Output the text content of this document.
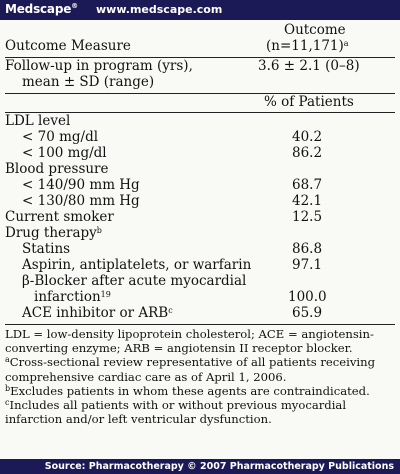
Medscape® www.medscape.com
Outcome
Outcome Measure	(n=11,171)$^a$
Follow-up in program (yrs),	3.6 ± 2.1 (0–8)
mean ± SD (range)
% of Patients
LDL level
< 70 mg/dl	40.2
< 100 mg/dl	86.2
Blood pressure
< 140/90 mm Hg	68.7
< 130/80 mm Hg	42.1
Current smoker	12.5
Drug therapy$^b$
Statins	86.8
Aspirin, antiplatelets, or warfarin	97.1
β-Blocker after acute myocardial
infarction$^{19}$	100.0
ACE inhibitor or ARB$^c$	65.9
LDL = low-density lipoprotein cholesterol; ACE = angiotensin-
converting enzyme; ARB = angiotensin II receptor blocker.
$^a$Cross-sectional review representative of all patients receiving
comprehensive cardiac care as of April 1, 2006.
$^b$Excludes patients in whom these agents are contraindicated.
$^c$Includes all patients with or without previous myocardial
infarction and/or left ventricular dysfunction.
Source: Pharmacotherapy © 2007 Pharmacotherapy Publications
